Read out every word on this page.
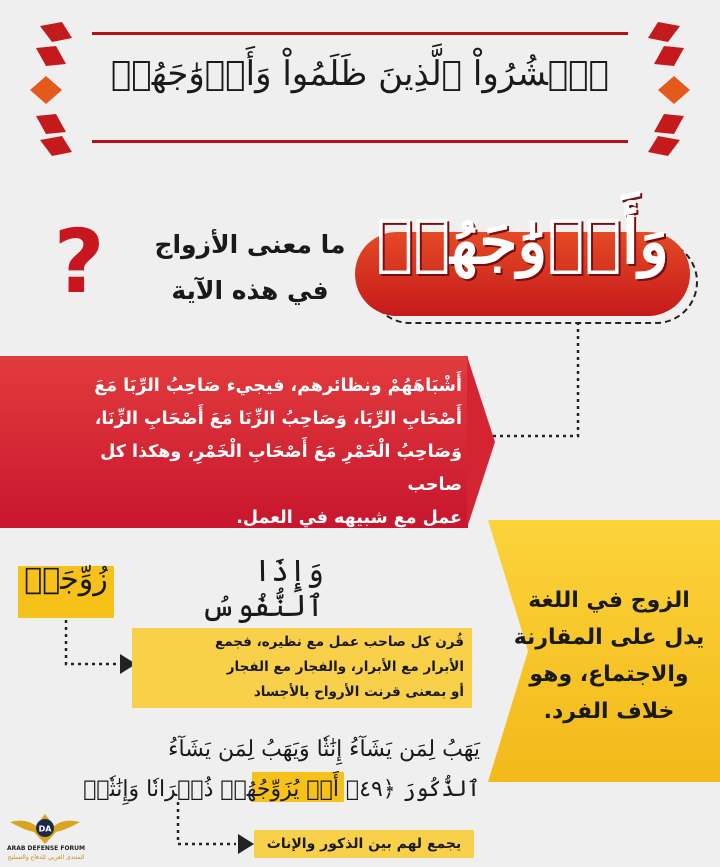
ٱحۡشُرُواْ ٱلَّذِينَ ظَلَمُواْ وَأَزۡوَٰجَهُمۡ
؟ ما معنى الأزواج
في هذه الآية
وَأَزۡوَٰجَهُمۡ
أَشْبَاهَهُمْ ونظائرهم، فيجيء صَاحِبُ الرِّبَا مَعَ
أَصْحَابِ الرِّبَا، وَصَاحِبُ الزِّنَا مَعَ أَصْحَابِ الزِّنَا،
وَصَاحِبُ الْخَمْرِ مَعَ أَصْحَابِ الْخَمْرِ، وهكذا كل صاحب
عمل مع شبيهه في العمل.
الزوج في اللغة
يدل على المقارنة
والاجتماع، وهو
خلاف الفرد.
زُوِّجَتۡ	وَإِذَا ٱلنُّفُوسُ
قُرن كل صاحب عمل مع نظيره، فجمع
الأبرار مع الأبرار، والفجار مع الفجار
أو بمعنى قرنت الأرواح بالأجساد
يَهَبُ لِمَن يَشَآءُ إِنَٰثٗا وَيَهَبُ لِمَن يَشَآءُ
ٱلذُّكُورَ ﴿٤٩﴾ أَوۡ يُزَوِّجُهُمۡ ذُكۡرَانٗا وَإِنَٰثٗاۖ
يجمع لهم بين الذكور والإناث
DA
ARAB DEFENSE FORUM
المنتدى العربي للدفاع والتسليح
